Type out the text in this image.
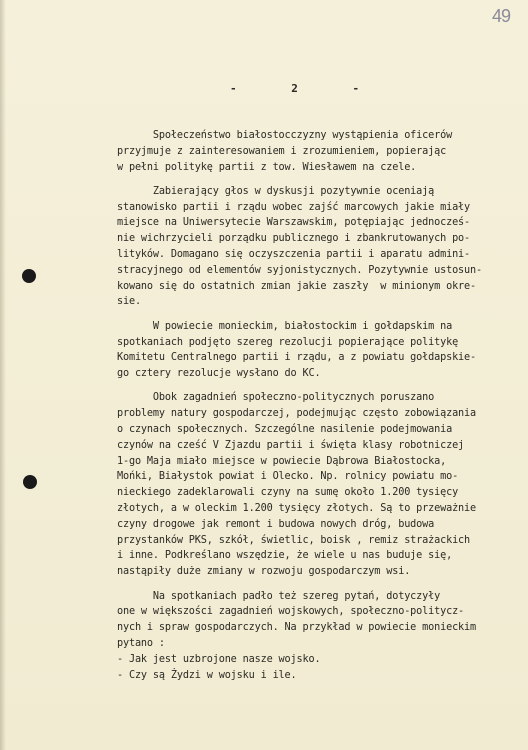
49
- 2 -
Społeczeństwo białostocczyzny wystąpienia oficerów
przyjmuje z zainteresowaniem i zrozumieniem, popierając
w pełni politykę partii z tow. Wiesławem na czele.
Zabierający głos w dyskusji pozytywnie oceniają
stanowisko partii i rządu wobec zajść marcowych jakie miały
miejsce na Uniwersytecie Warszawskim, potępiając jednocześ-
nie wichrzycieli porządku publicznego i zbankrutowanych po-
lityków. Domagano się oczyszczenia partii i aparatu admini-
stracyjnego od elementów syjonistycznych. Pozytywnie ustosun-
kowano się do ostatnich zmian jakie zaszły  w minionym okre-
sie.
W powiecie monieckim, białostockim i gołdapskim na
spotkaniach podjęto szereg rezolucji popierające politykę
Komitetu Centralnego partii i rządu, a z powiatu gołdapskie-
go cztery rezolucje wysłano do KC.
Obok zagadnień społeczno-politycznych poruszano
problemy natury gospodarczej, podejmując często zobowiązania
o czynach społecznych. Szczególne nasilenie podejmowania
czynów na cześć V Zjazdu partii i święta klasy robotniczej
1-go Maja miało miejsce w powiecie Dąbrowa Białostocka,
Mońki, Białystok powiat i Olecko. Np. rolnicy powiatu mo-
nieckiego zadeklarowali czyny na sumę około 1.200 tysięcy
złotych, a w oleckim 1.200 tysięcy złotych. Są to przeważnie
czyny drogowe jak remont i budowa nowych dróg, budowa
przystanków PKS, szkół, świetlic, boisk , remiz strażackich
i inne. Podkreślano wszędzie, że wiele u nas buduje się,
nastąpiły duże zmiany w rozwoju gospodarczym wsi.
Na spotkaniach padło też szereg pytań, dotyczyły
one w większości zagadnień wojskowych, społeczno-politycz-
nych i spraw gospodarczych. Na przykład w powiecie monieckim
pytano :
- Jak jest uzbrojone nasze wojsko.
- Czy są Żydzi w wojsku i ile.
